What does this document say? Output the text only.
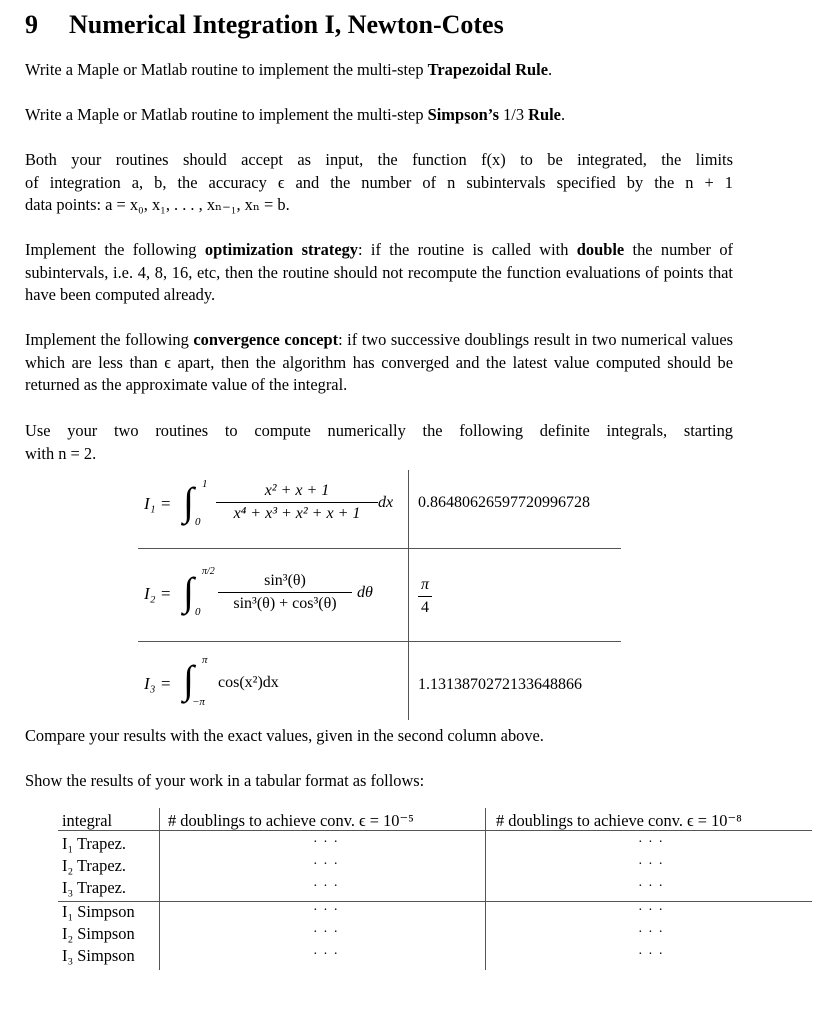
9 Numerical Integration I, Newton-Cotes
Write a Maple or Matlab routine to implement the multi-step Trapezoidal Rule.
Write a Maple or Matlab routine to implement the multi-step Simpson’s 1/3 Rule.
Both your routines should accept as input, the function f(x) to be integrated, the limits
of integration a, b, the accuracy ϵ and the number of n subintervals specified by the n + 1
data points: a = x₀, x₁, . . . , xₙ₋₁, xₙ = b.
Implement the following optimization strategy: if the routine is called with double the number of subintervals, i.e. 4, 8, 16, etc, then the routine should not recompute the function evaluations of points that have been computed already.
Implement the following convergence concept: if two successive doublings result in two numerical values which are less than ϵ apart, then the algorithm has converged and the latest value computed should be returned as the approximate value of the integral.
Use your two routines to compute numerically the following definite integrals, starting
with n = 2.
I₁ = ∫ 1
0
x² + x + 1
x⁴ + x³ + x² + x + 1
dx 0.86480626597720996728
I₂ = ∫ π/2
0
sin³(θ)
sin³(θ) + cos³(θ)
dθ	$\frac{\pi}{4}$
I₃ = ∫ π
−π
cos(x²)dx	1.1313870272133648866
Compare your results with the exact values, given in the second column above.
Show the results of your work in a tabular format as follows:
integral	# doublings to achieve conv. ϵ = 10⁻⁵	# doublings to achieve conv. ϵ = 10⁻⁸
I₁ Trapez.	· · ·	· · ·
I₂ Trapez.	· · ·	· · ·
I₃ Trapez.	· · ·	· · ·
I₁ Simpson	· · ·	· · ·
I₂ Simpson	· · ·	· · ·
I₃ Simpson	· · ·	· · ·
